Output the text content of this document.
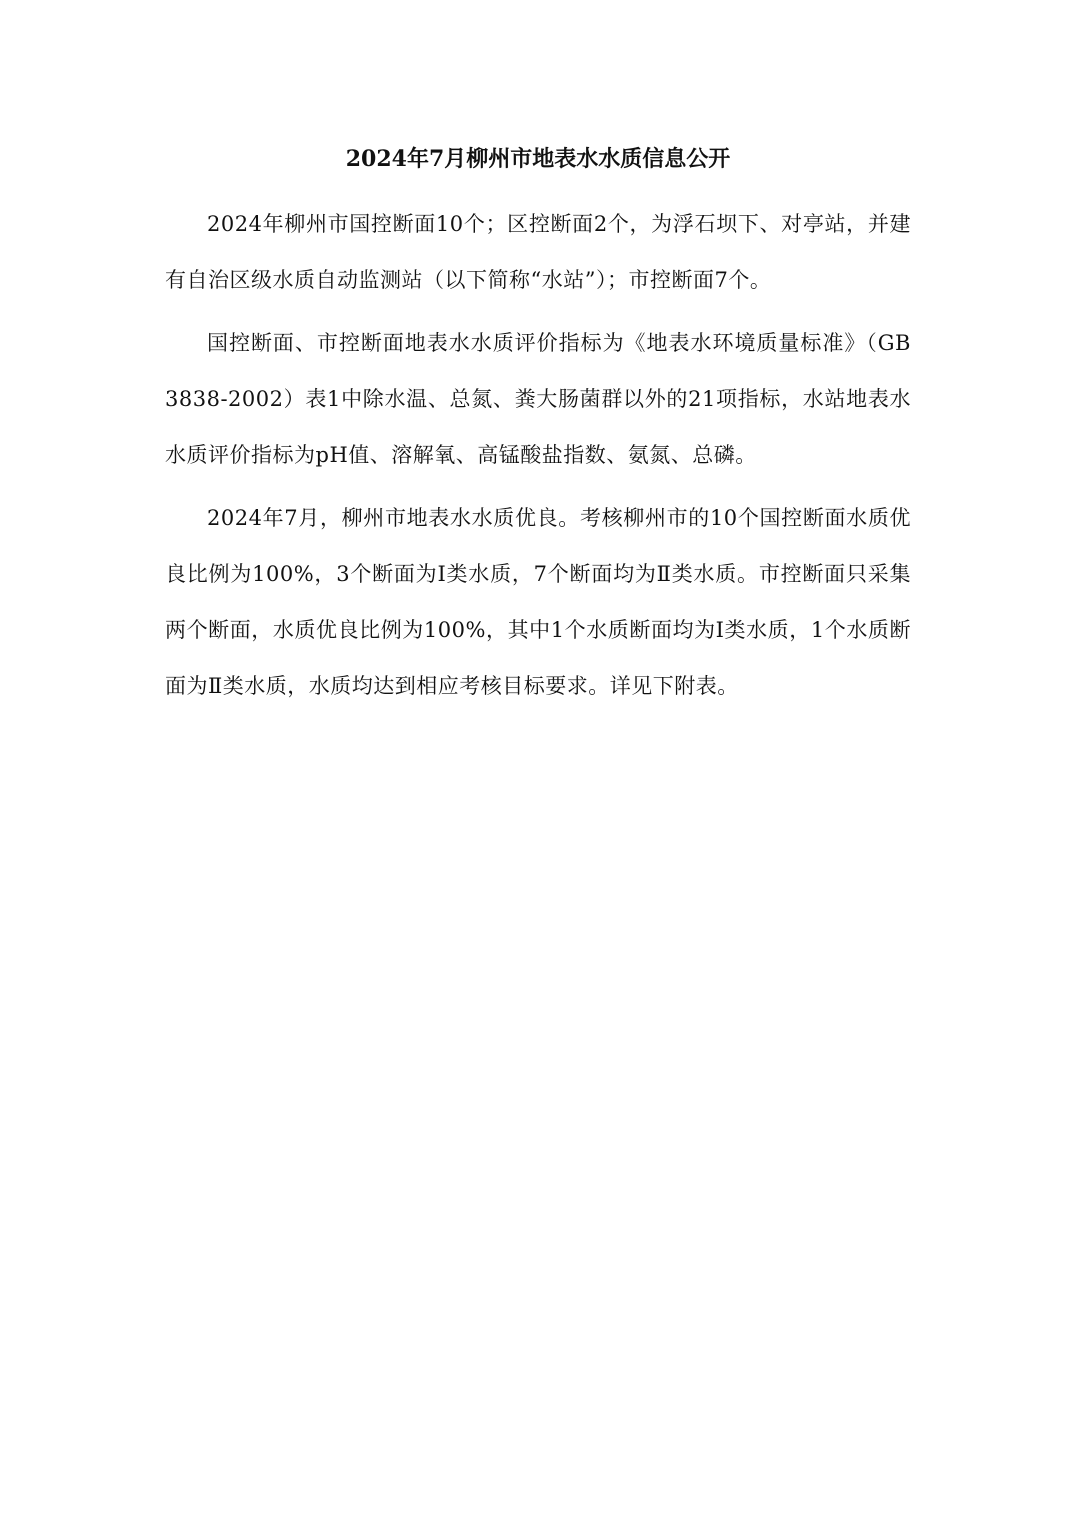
2024年7月柳州市地表水水质信息公开

2024年柳州市国控断面10个；区控断面2个，为浮石坝下、对亭站，并建有自治区级水质自动监测站（以下简称“水站”）；市控断面7个。

国控断面、市控断面地表水水质评价指标为《地表水环境质量标准》（GB 3838-2002）表1中除水温、总氮、粪大肠菌群以外的21项指标，水站地表水水质评价指标为pH值、溶解氧、高锰酸盐指数、氨氮、总磷。

2024年7月，柳州市地表水水质优良。考核柳州市的10个国控断面水质优良比例为100%，3个断面为Ⅰ类水质，7个断面均为Ⅱ类水质。市控断面只采集两个断面，水质优良比例为100%，其中1个水质断面均为Ⅰ类水质，1个水质断面为Ⅱ类水质，水质均达到相应考核目标要求。详见下附表。
